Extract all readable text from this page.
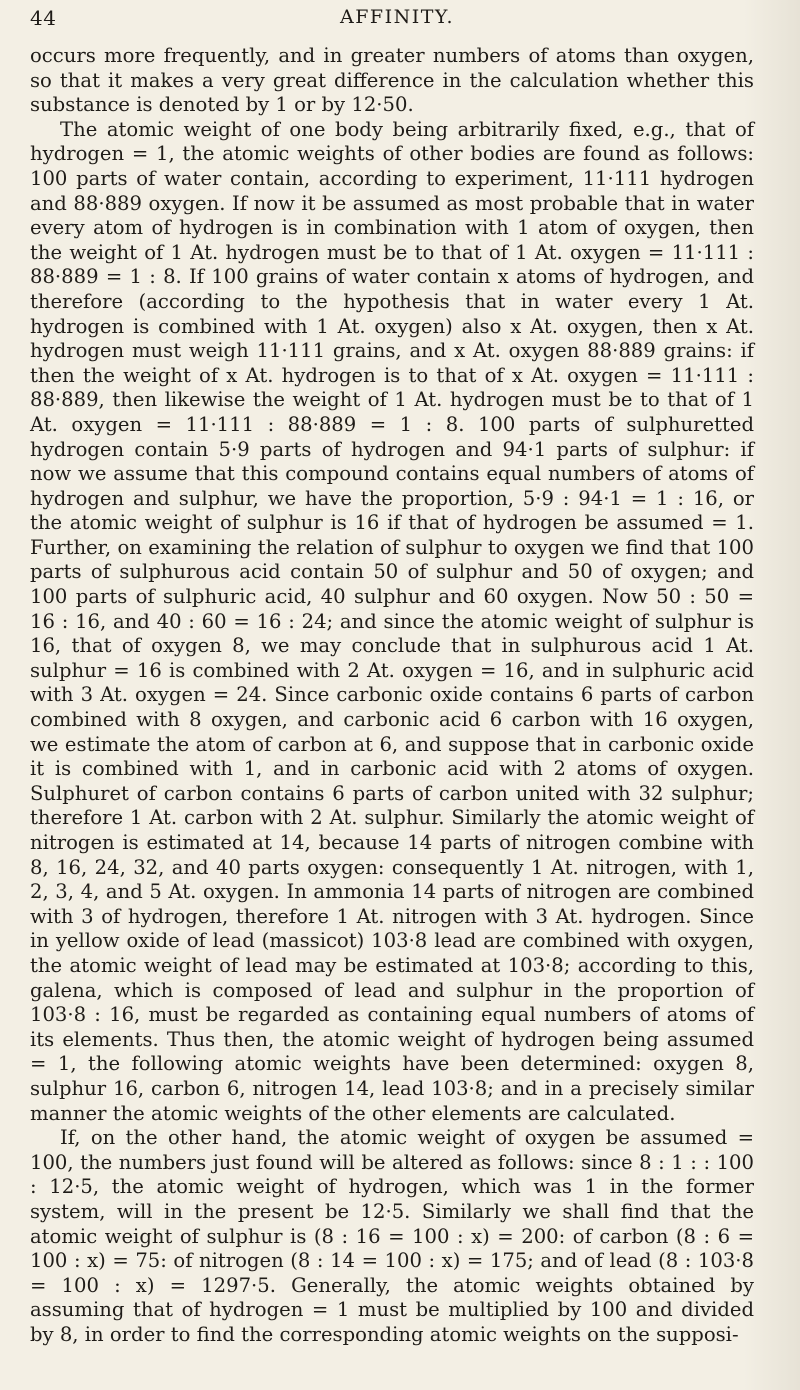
44	AFFINITY.

occurs more frequently, and in greater numbers of atoms than oxygen, so that it makes a very great difference in the calculation whether this substance is denoted by 1 or by 12·50.

The atomic weight of one body being arbitrarily fixed, e.g., that of hydrogen = 1, the atomic weights of other bodies are found as follows: 100 parts of water contain, according to experiment, 11·111 hydrogen and 88·889 oxygen. If now it be assumed as most probable that in water every atom of hydrogen is in combination with 1 atom of oxygen, then the weight of 1 At. hydrogen must be to that of 1 At. oxygen = 11·111 : 88·889 = 1 : 8. If 100 grains of water contain x atoms of hydrogen, and therefore (according to the hypothesis that in water every 1 At. hydrogen is combined with 1 At. oxygen) also x At. oxygen, then x At. hydrogen must weigh 11·111 grains, and x At. oxygen 88·889 grains: if then the weight of x At. hydrogen is to that of x At. oxygen = 11·111 : 88·889, then likewise the weight of 1 At. hydrogen must be to that of 1 At. oxygen = 11·111 : 88·889 = 1 : 8. 100 parts of sulphuretted hydrogen contain 5·9 parts of hydrogen and 94·1 parts of sulphur: if now we assume that this compound contains equal numbers of atoms of hydrogen and sulphur, we have the proportion, 5·9 : 94·1 = 1 : 16, or the atomic weight of sulphur is 16 if that of hydrogen be assumed = 1. Further, on examining the relation of sulphur to oxygen we find that 100 parts of sulphurous acid contain 50 of sulphur and 50 of oxygen; and 100 parts of sulphuric acid, 40 sulphur and 60 oxygen. Now 50 : 50 = 16 : 16, and 40 : 60 = 16 : 24; and since the atomic weight of sulphur is 16, that of oxygen 8, we may conclude that in sulphurous acid 1 At. sulphur = 16 is combined with 2 At. oxygen = 16, and in sulphuric acid with 3 At. oxygen = 24. Since carbonic oxide contains 6 parts of carbon combined with 8 oxygen, and carbonic acid 6 carbon with 16 oxygen, we estimate the atom of carbon at 6, and suppose that in carbonic oxide it is combined with 1, and in carbonic acid with 2 atoms of oxygen. Sulphuret of carbon contains 6 parts of carbon united with 32 sulphur; therefore 1 At. carbon with 2 At. sulphur. Similarly the atomic weight of nitrogen is estimated at 14, because 14 parts of nitrogen combine with 8, 16, 24, 32, and 40 parts oxygen: consequently 1 At. nitrogen, with 1, 2, 3, 4, and 5 At. oxygen. In ammonia 14 parts of nitrogen are combined with 3 of hydrogen, therefore 1 At. nitrogen with 3 At. hydrogen. Since in yellow oxide of lead (massicot) 103·8 lead are combined with oxygen, the atomic weight of lead may be estimated at 103·8; according to this, galena, which is composed of lead and sulphur in the proportion of 103·8 : 16, must be regarded as containing equal numbers of atoms of its elements. Thus then, the atomic weight of hydrogen being assumed = 1, the following atomic weights have been determined: oxygen 8, sulphur 16, carbon 6, nitrogen 14, lead 103·8; and in a precisely similar manner the atomic weights of the other elements are calculated.

If, on the other hand, the atomic weight of oxygen be assumed = 100, the numbers just found will be altered as follows: since 8 : 1 : : 100 : 12·5, the atomic weight of hydrogen, which was 1 in the former system, will in the present be 12·5. Similarly we shall find that the atomic weight of sulphur is (8 : 16 = 100 : x) = 200: of carbon (8 : 6 = 100 : x) = 75: of nitrogen (8 : 14 = 100 : x) = 175; and of lead (8 : 103·8 = 100 : x) = 1297·5. Generally, the atomic weights obtained by assuming that of hydrogen = 1 must be multiplied by 100 and divided by 8, in order to find the corresponding atomic weights on the supposi-
